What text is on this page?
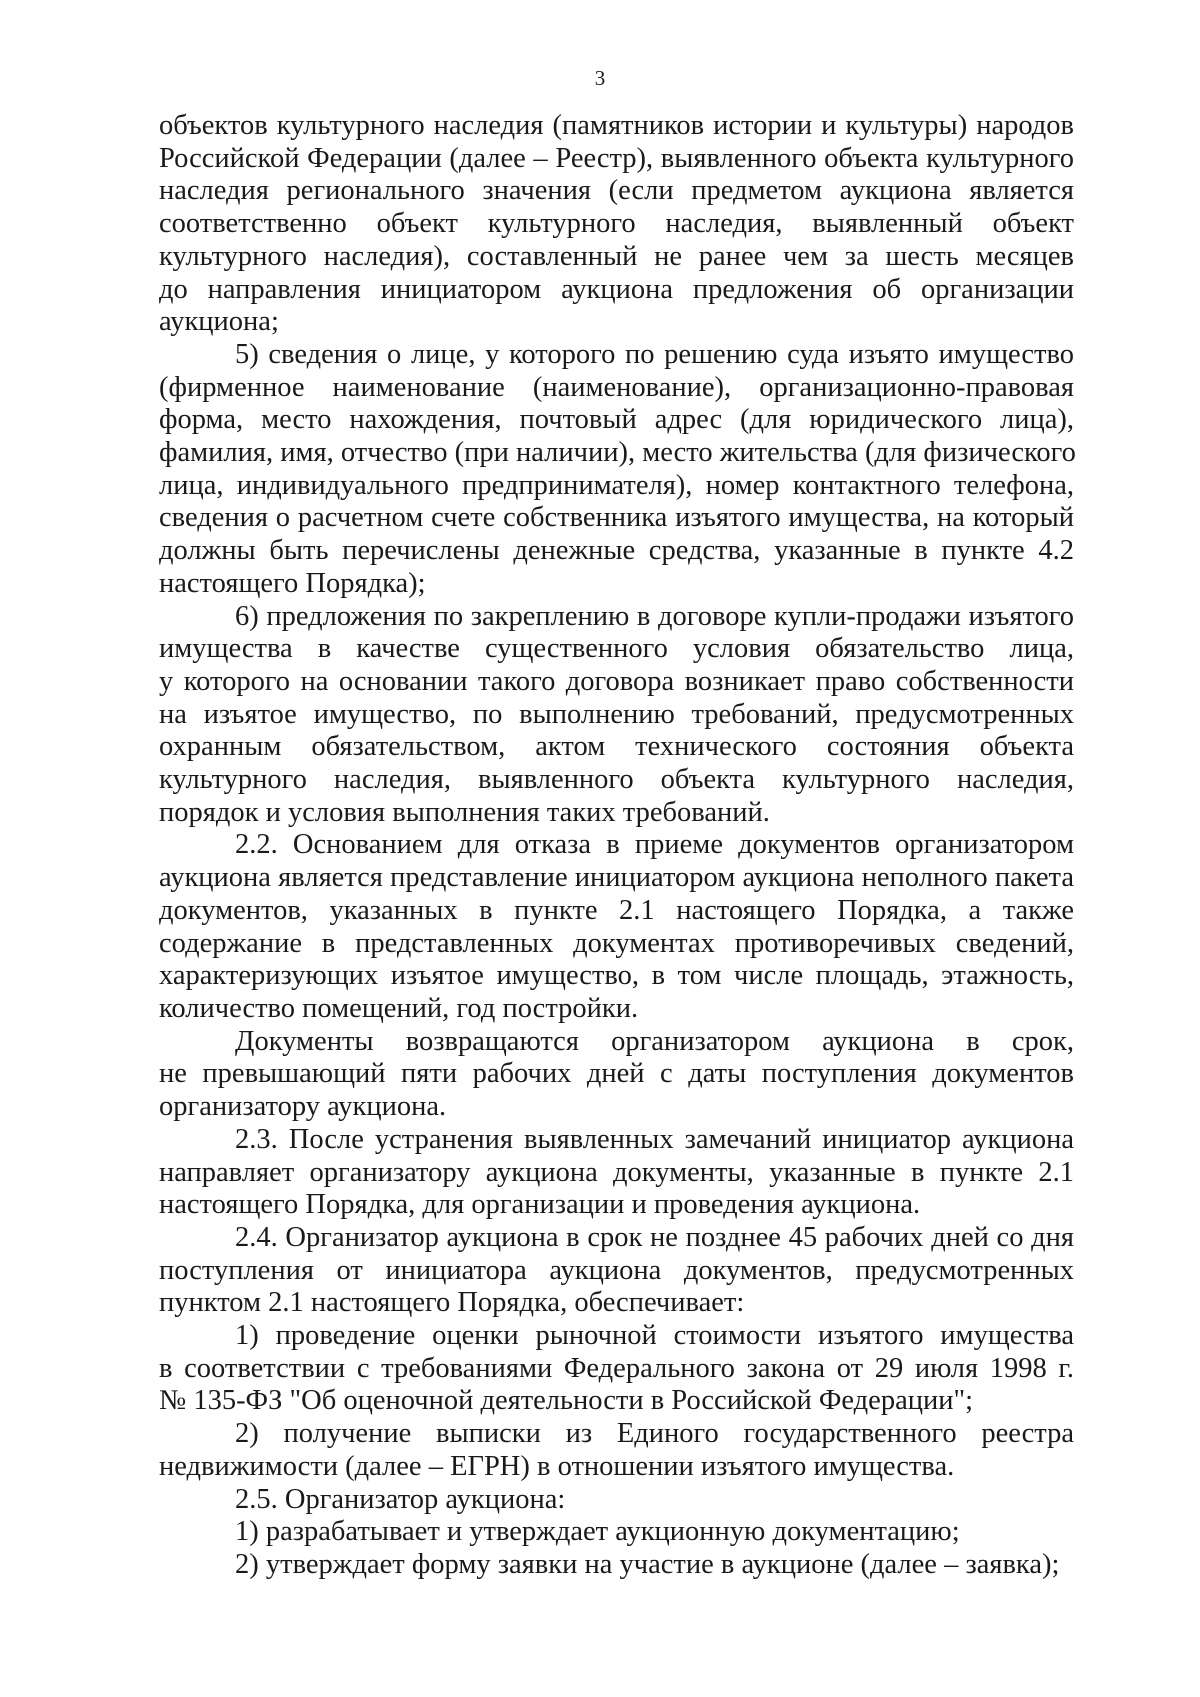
3
объектов культурного наследия (памятников истории и культуры) народов
Российской Федерации (далее – Реестр), выявленного объекта культурного
наследия регионального значения (если предметом аукциона является
соответственно объект культурного наследия, выявленный объект
культурного наследия), составленный не ранее чем за шесть месяцев
до направления инициатором аукциона предложения об организации
аукциона;
5) сведения о лице, у которого по решению суда изъято имущество
(фирменное наименование (наименование), организационно-правовая
форма, место нахождения, почтовый адрес (для юридического лица),
фамилия, имя, отчество (при наличии), место жительства (для физического
лица, индивидуального предпринимателя), номер контактного телефона,
сведения о расчетном счете собственника изъятого имущества, на который
должны быть перечислены денежные средства, указанные в пункте 4.2
настоящего Порядка);
6) предложения по закреплению в договоре купли-продажи изъятого
имущества в качестве существенного условия обязательство лица,
у которого на основании такого договора возникает право собственности
на изъятое имущество, по выполнению требований, предусмотренных
охранным обязательством, актом технического состояния объекта
культурного наследия, выявленного объекта культурного наследия,
порядок и условия выполнения таких требований.
2.2. Основанием для отказа в приеме документов организатором
аукциона является представление инициатором аукциона неполного пакета
документов, указанных в пункте 2.1 настоящего Порядка, а также
содержание в представленных документах противоречивых сведений,
характеризующих изъятое имущество, в том числе площадь, этажность,
количество помещений, год постройки.
Документы возвращаются организатором аукциона в срок,
не превышающий пяти рабочих дней с даты поступления документов
организатору аукциона.
2.3. После устранения выявленных замечаний инициатор аукциона
направляет организатору аукциона документы, указанные в пункте 2.1
настоящего Порядка, для организации и проведения аукциона.
2.4. Организатор аукциона в срок не позднее 45 рабочих дней со дня
поступления от инициатора аукциона документов, предусмотренных
пунктом 2.1 настоящего Порядка, обеспечивает:
1) проведение оценки рыночной стоимости изъятого имущества
в соответствии с требованиями Федерального закона от 29 июля 1998 г.
№ 135-ФЗ "Об оценочной деятельности в Российской Федерации";
2) получение выписки из Единого государственного реестра
недвижимости (далее – ЕГРН) в отношении изъятого имущества.
2.5. Организатор аукциона:
1) разрабатывает и утверждает аукционную документацию;
2) утверждает форму заявки на участие в аукционе (далее – заявка);
